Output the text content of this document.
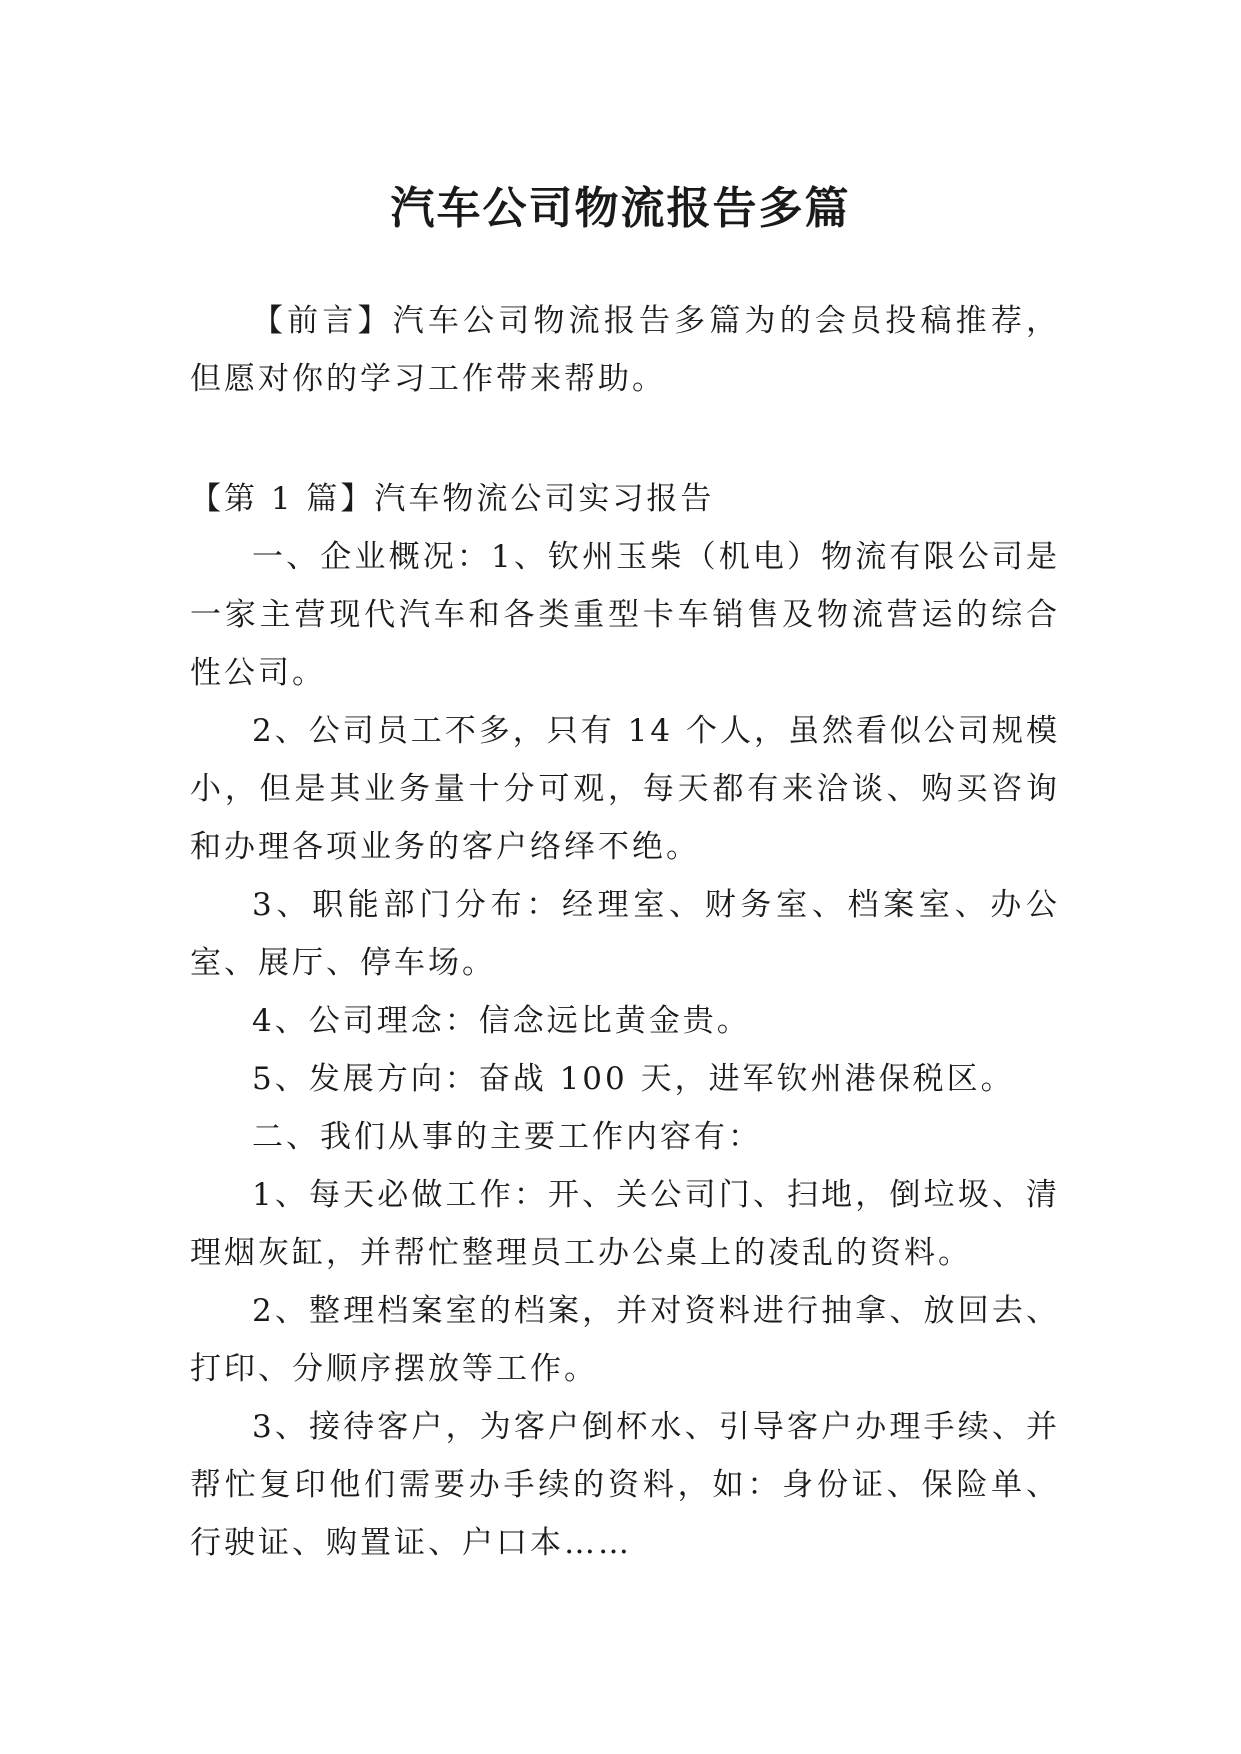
汽车公司物流报告多篇

【前言】汽车公司物流报告多篇为的会员投稿推荐，但愿对你的学习工作带来帮助。

【第 1 篇】汽车物流公司实习报告

一、企业概况：1、钦州玉柴（机电）物流有限公司是一家主营现代汽车和各类重型卡车销售及物流营运的综合性公司。

2、公司员工不多，只有 14 个人，虽然看似公司规模小，但是其业务量十分可观，每天都有来洽谈、购买咨询和办理各项业务的客户络绎不绝。

3、职能部门分布：经理室、财务室、档案室、办公室、展厅、停车场。

4、公司理念：信念远比黄金贵。

5、发展方向：奋战 100 天，进军钦州港保税区。

二、我们从事的主要工作内容有：

1、每天必做工作：开、关公司门、扫地，倒垃圾、清理烟灰缸，并帮忙整理员工办公桌上的凌乱的资料。

2、整理档案室的档案，并对资料进行抽拿、放回去、打印、分顺序摆放等工作。

3、接待客户，为客户倒杯水、引导客户办理手续、并帮忙复印他们需要办手续的资料，如：身份证、保险单、行驶证、购置证、户口本……
